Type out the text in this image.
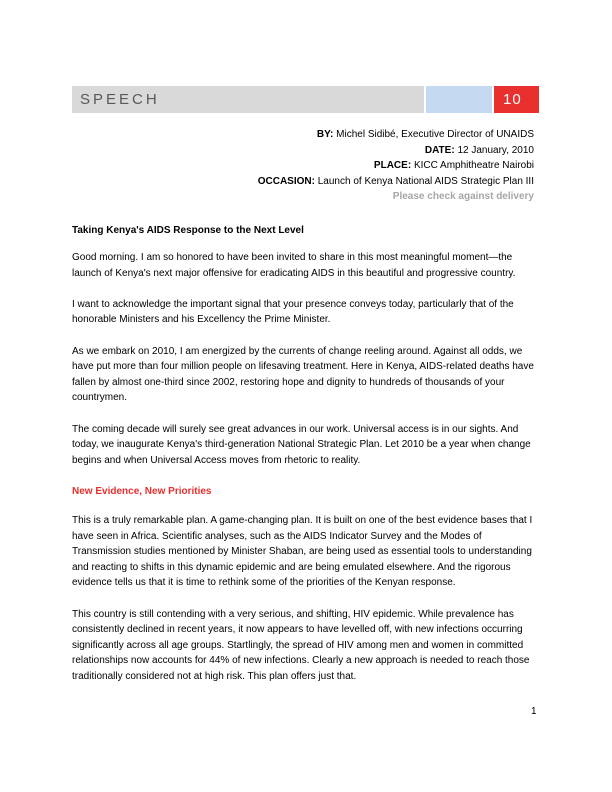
SPEECH	10
BY: Michel Sidibé, Executive Director of UNAIDS
DATE: 12 January, 2010
PLACE: KICC Amphitheatre Nairobi
OCCASION: Launch of Kenya National AIDS Strategic Plan III
Please check against delivery
Taking Kenya's AIDS Response to the Next Level

Good morning. I am so honored to have been invited to share in this most meaningful moment—the launch of Kenya's next major offensive for eradicating AIDS in this beautiful and progressive country.

I want to acknowledge the important signal that your presence conveys today, particularly that of the honorable Ministers and his Excellency the Prime Minister.

As we embark on 2010, I am energized by the currents of change reeling around. Against all odds, we have put more than four million people on lifesaving treatment. Here in Kenya, AIDS-related deaths have fallen by almost one-third since 2002, restoring hope and dignity to hundreds of thousands of your countrymen.

The coming decade will surely see great advances in our work. Universal access is in our sights. And today, we inaugurate Kenya's third-generation National Strategic Plan. Let 2010 be a year when change begins and when Universal Access moves from rhetoric to reality.

New Evidence, New Priorities

This is a truly remarkable plan. A game-changing plan. It is built on one of the best evidence bases that I have seen in Africa. Scientific analyses, such as the AIDS Indicator Survey and the Modes of Transmission studies mentioned by Minister Shaban, are being used as essential tools to understanding and reacting to shifts in this dynamic epidemic and are being emulated elsewhere. And the rigorous evidence tells us that it is time to rethink some of the priorities of the Kenyan response.

This country is still contending with a very serious, and shifting, HIV epidemic. While prevalence has consistently declined in recent years, it now appears to have levelled off, with new infections occurring significantly across all age groups. Startlingly, the spread of HIV among men and women in committed relationships now accounts for 44% of new infections. Clearly a new approach is needed to reach those traditionally considered not at high risk. This plan offers just that.

1
